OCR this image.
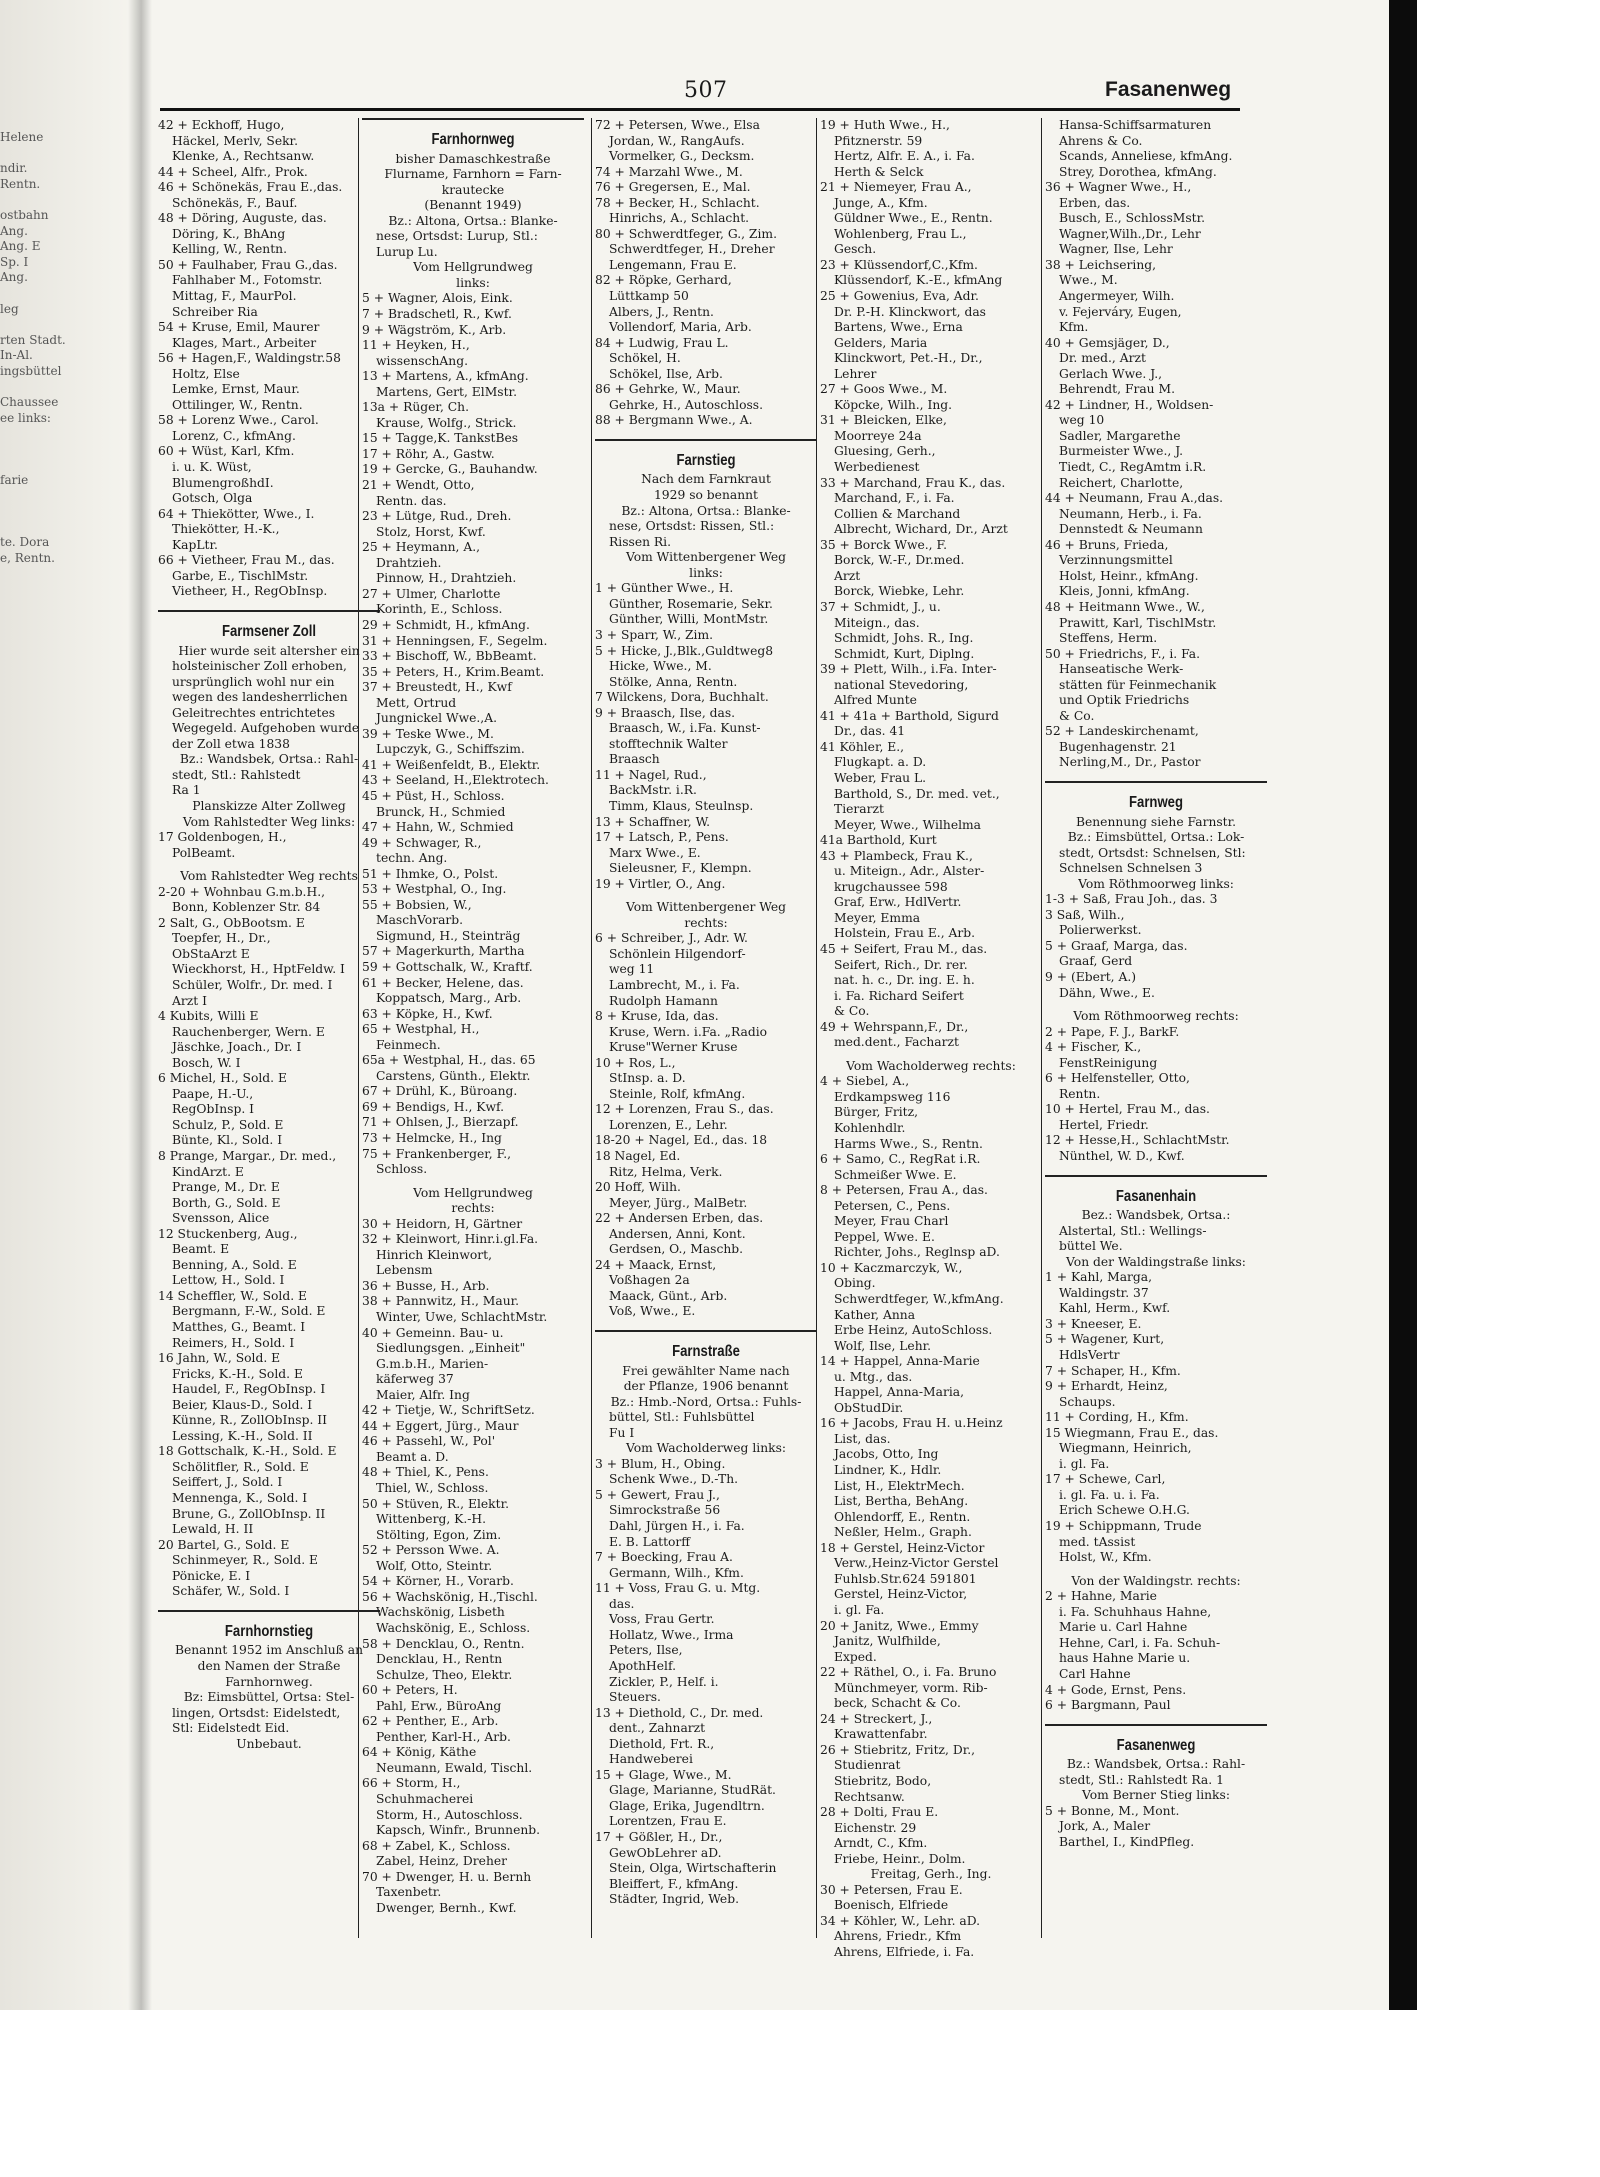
Helene
ndir.
Rentn.
ostbahn
Ang.
Ang. E
Sp. I
Ang.
leg
rten Stadt.
In-Al.
ingsbüttel
Chaussee
ee links:
farie
te. Dora
e, Rentn.
507	Fasanenweg
42 + Eckhoff, Hugo,
Häckel, Merlv, Sekr.
Klenke, A., Rechtsanw.
44 + Scheel, Alfr., Prok.
46 + Schönekäs, Frau E.,das.
Schönekäs, F., Bauf.
48 + Döring, Auguste, das.
Döring, K., BhAng
Kelling, W., Rentn.
50 + Faulhaber, Frau G.,das.
Fahlhaber M., Fotomstr.
Mittag, F., MaurPol.
Schreiber Ria
54 + Kruse, Emil, Maurer
Klages, Mart., Arbeiter
56 + Hagen,F., Waldingstr.58
Holtz, Else
Lemke, Ernst, Maur.
Ottilinger, W., Rentn.
58 + Lorenz Wwe., Carol.
Lorenz, C., kfmAng.
60 + Wüst, Karl, Kfm.
i. u. K. Wüst,
BlumengroßhdI.
Gotsch, Olga
64 + Thiekötter, Wwe., I.
Thiekötter, H.-K.,
KapLtr.
66 + Vietheer, Frau M., das.
Garbe, E., TischlMstr.
Vietheer, H., RegObInsp.
Farmsener Zoll
Hier wurde seit altersher ein
holsteinischer Zoll erhoben,
ursprünglich wohl nur ein
wegen des landesherrlichen
Geleitrechtes entrichtetes
Wegegeld. Aufgehoben wurde
der Zoll etwa 1838
Bz.: Wandsbek, Ortsa.: Rahl-
stedt, Stl.: Rahlstedt
Ra 1
Planskizze Alter Zollweg
Vom Rahlstedter Weg links:
17 Goldenbogen, H.,
PolBeamt.
Vom Rahlstedter Weg rechts
2-20 + Wohnbau G.m.b.H.,
Bonn, Koblenzer Str. 84
2 Salt, G., ObBootsm. E
Toepfer, H., Dr.,
ObStaArzt E
Wieckhorst, H., HptFeldw. I
Schüler, Wolfr., Dr. med. I
Arzt I
4 Kubits, Willi E
Rauchenberger, Wern. E
Jäschke, Joach., Dr. I
Bosch, W. I
6 Michel, H., Sold. E
Paape, H.-U.,
RegObInsp. I
Schulz, P., Sold. E
Bünte, Kl., Sold. I
8 Prange, Margar., Dr. med.,
KindArzt. E
Prange, M., Dr. E
Borth, G., Sold. E
Svensson, Alice
12 Stuckenberg, Aug.,
Beamt. E
Benning, A., Sold. E
Lettow, H., Sold. I
14 Scheffler, W., Sold. E
Bergmann, F.-W., Sold. E
Matthes, G., Beamt. I
Reimers, H., Sold. I
16 Jahn, W., Sold. E
Fricks, K.-H., Sold. E
Haudel, F., RegObInsp. I
Beier, Klaus-D., Sold. I
Künne, R., ZollObInsp. II
Lessing, K.-H., Sold. II
18 Gottschalk, K.-H., Sold. E
Schölitfler, R., Sold. E
Seiffert, J., Sold. I
Mennenga, K., Sold. I
Brune, G., ZollObInsp. II
Lewald, H. II
20 Bartel, G., Sold. E
Schinmeyer, R., Sold. E
Pönicke, E. I
Schäfer, W., Sold. I
Farnhornstieg
Benannt 1952 im Anschluß an
den Namen der Straße
Farnhornweg.
Bz: Eimsbüttel, Ortsa: Stel-
lingen, Ortsdst: Eidelstedt,
Stl: Eidelstedt Eid.
Unbebaut.
Farnhornweg
bisher Damaschkestraße
Flurname, Farnhorn = Farn-
krautecke
(Benannt 1949)
Bz.: Altona, Ortsa.: Blanke-
nese, Ortsdst: Lurup, Stl.:
Lurup Lu.
Vom Hellgrundweg
links:
5 + Wagner, Alois, Eink.
7 + Bradschetl, R., Kwf.
9 + Wägström, K., Arb.
11 + Heyken, H.,
wissenschAng.
13 + Martens, A., kfmAng.
Martens, Gert, ElMstr.
13a + Rüger, Ch.
Krause, Wolfg., Strick.
15 + Tagge,K. TankstBes
17 + Röhr, A., Gastw.
19 + Gercke, G., Bauhandw.
21 + Wendt, Otto,
Rentn. das.
23 + Lütge, Rud., Dreh.
Stolz, Horst, Kwf.
25 + Heymann, A.,
Drahtzieh.
Pinnow, H., Drahtzieh.
27 + Ulmer, Charlotte
Korinth, E., Schloss.
29 + Schmidt, H., kfmAng.
31 + Henningsen, F., Segelm.
33 + Bischoff, W., BbBeamt.
35 + Peters, H., Krim.Beamt.
37 + Breustedt, H., Kwf
Mett, Ortrud
Jungnickel Wwe.,A.
39 + Teske Wwe., M.
Lupczyk, G., Schiffszim.
41 + Weißenfeldt, B., Elektr.
43 + Seeland, H.,Elektrotech.
45 + Püst, H., Schloss.
Brunck, H., Schmied
47 + Hahn, W., Schmied
49 + Schwager, R.,
techn. Ang.
51 + Ihmke, O., Polst.
53 + Westphal, O., Ing.
55 + Bobsien, W.,
MaschVorarb.
Sigmund, H., Steinträg
57 + Magerkurth, Martha
59 + Gottschalk, W., Kraftf.
61 + Becker, Helene, das.
Koppatsch, Marg., Arb.
63 + Köpke, H., Kwf.
65 + Westphal, H.,
Feinmech.
65a + Westphal, H., das. 65
Carstens, Günth., Elektr.
67 + Drühl, K., Büroang.
69 + Bendigs, H., Kwf.
71 + Ohlsen, J., Bierzapf.
73 + Helmcke, H., Ing
75 + Frankenberger, F.,
Schloss.
Vom Hellgrundweg
rechts:
30 + Heidorn, H, Gärtner
32 + Kleinwort, Hinr.i.gl.Fa.
Hinrich Kleinwort,
Lebensm
36 + Busse, H., Arb.
38 + Pannwitz, H., Maur.
Winter, Uwe, SchlachtMstr.
40 + Gemeinn. Bau- u.
Siedlungsgen. „Einheit"
G.m.b.H., Marien-
käferweg 37
Maier, Alfr. Ing
42 + Tietje, W., SchriftSetz.
44 + Eggert, Jürg., Maur
46 + Passehl, W., Pol'
Beamt a. D.
48 + Thiel, K., Pens.
Thiel, W., Schloss.
50 + Stüven, R., Elektr.
Wittenberg, K.-H.
Stölting, Egon, Zim.
52 + Persson Wwe. A.
Wolf, Otto, Steintr.
54 + Körner, H., Vorarb.
56 + Wachskönig, H.,Tischl.
Wachskönig, Lisbeth
Wachskönig, E., Schloss.
58 + Dencklau, O., Rentn.
Dencklau, H., Rentn
Schulze, Theo, Elektr.
60 + Peters, H.
Pahl, Erw., BüroAng
62 + Penther, E., Arb.
Penther, Karl-H., Arb.
64 + König, Käthe
Neumann, Ewald, Tischl.
66 + Storm, H.,
Schuhmacherei
Storm, H., Autoschloss.
Kapsch, Winfr., Brunnenb.
68 + Zabel, K., Schloss.
Zabel, Heinz, Dreher
70 + Dwenger, H. u. Bernh
Taxenbetr.
Dwenger, Bernh., Kwf.
72 + Petersen, Wwe., Elsa
Jordan, W., RangAufs.
Vormelker, G., Decksm.
74 + Marzahl Wwe., M.
76 + Gregersen, E., Mal.
78 + Becker, H., Schlacht.
Hinrichs, A., Schlacht.
80 + Schwerdtfeger, G., Zim.
Schwerdtfeger, H., Dreher
Lengemann, Frau E.
82 + Röpke, Gerhard,
Lüttkamp 50
Albers, J., Rentn.
Vollendorf, Maria, Arb.
84 + Ludwig, Frau L.
Schökel, H.
Schökel, Ilse, Arb.
86 + Gehrke, W., Maur.
Gehrke, H., Autoschloss.
88 + Bergmann Wwe., A.
Farnstieg
Nach dem Farnkraut
1929 so benannt
Bz.: Altona, Ortsa.: Blanke-
nese, Ortsdst: Rissen, Stl.:
Rissen Ri.
Vom Wittenbergener Weg
links:
1 + Günther Wwe., H.
Günther, Rosemarie, Sekr.
Günther, Willi, MontMstr.
3 + Sparr, W., Zim.
5 + Hicke, J.,Blk.,Guldtweg8
Hicke, Wwe., M.
Stölke, Anna, Rentn.
7 Wilckens, Dora, Buchhalt.
9 + Braasch, Ilse, das.
Braasch, W., i.Fa. Kunst-
stofftechnik Walter
Braasch
11 + Nagel, Rud.,
BackMstr. i.R.
Timm, Klaus, Steulnsp.
13 + Schaffner, W.
17 + Latsch, P., Pens.
Marx Wwe., E.
Sieleusner, F., Klempn.
19 + Virtler, O., Ang.
Vom Wittenbergener Weg
rechts:
6 + Schreiber, J., Adr. W.
Schönlein Hilgendorf-
weg 11
Lambrecht, M., i. Fa.
Rudolph Hamann
8 + Kruse, Ida, das.
Kruse, Wern. i.Fa. „Radio
Kruse"Werner Kruse
10 + Ros, L.,
StInsp. a. D.
Steinle, Rolf, kfmAng.
12 + Lorenzen, Frau S., das.
Lorenzen, E., Lehr.
18-20 + Nagel, Ed., das. 18
18 Nagel, Ed.
Ritz, Helma, Verk.
20 Hoff, Wilh.
Meyer, Jürg., MalBetr.
22 + Andersen Erben, das.
Andersen, Anni, Kont.
Gerdsen, O., Maschb.
24 + Maack, Ernst,
Voßhagen 2a
Maack, Günt., Arb.
Voß, Wwe., E.
Farnstraße
Frei gewählter Name nach
der Pflanze, 1906 benannt
Bz.: Hmb.-Nord, Ortsa.: Fuhls-
büttel, Stl.: Fuhlsbüttel
Fu I
Vom Wacholderweg links:
3 + Blum, H., Obing.
Schenk Wwe., D.-Th.
5 + Gewert, Frau J.,
Simrockstraße 56
Dahl, Jürgen H., i. Fa.
E. B. Lattorff
7 + Boecking, Frau A.
Germann, Wilh., Kfm.
11 + Voss, Frau G. u. Mtg.
das.
Voss, Frau Gertr.
Hollatz, Wwe., Irma
Peters, Ilse,
ApothHelf.
Zickler, P., Helf. i.
Steuers.
13 + Diethold, C., Dr. med.
dent., Zahnarzt
Diethold, Frt. R.,
Handweberei
15 + Glage, Wwe., M.
Glage, Marianne, StudRät.
Glage, Erika, Jugendltrn.
Lorentzen, Frau E.
17 + Gößler, H., Dr.,
GewObLehrer aD.
Stein, Olga, Wirtschafterin
Bleiffert, F., kfmAng.
Städter, Ingrid, Web.
19 + Huth Wwe., H.,
Pfitznerstr. 59
Hertz, Alfr. E. A., i. Fa.
Herth & Selck
21 + Niemeyer, Frau A.,
Junge, A., Kfm.
Güldner Wwe., E., Rentn.
Wohlenberg, Frau L.,
Gesch.
23 + Klüssendorf,C.,Kfm.
Klüssendorf, K.-E., kfmAng
25 + Gowenius, Eva, Adr.
Dr. P.-H. Klinckwort, das
Bartens, Wwe., Erna
Gelders, Maria
Klinckwort, Pet.-H., Dr.,
Lehrer
27 + Goos Wwe., M.
Köpcke, Wilh., Ing.
31 + Bleicken, Elke,
Moorreye 24a
Gluesing, Gerh.,
Werbedienest
33 + Marchand, Frau K., das.
Marchand, F., i. Fa.
Collien & Marchand
Albrecht, Wichard, Dr., Arzt
35 + Borck Wwe., F.
Borck, W.-F., Dr.med.
Arzt
Borck, Wiebke, Lehr.
37 + Schmidt, J., u.
Miteign., das.
Schmidt, Johs. R., Ing.
Schmidt, Kurt, Diplng.
39 + Plett, Wilh., i.Fa. Inter-
national Stevedoring,
Alfred Munte
41 + 41a + Barthold, Sigurd
Dr., das. 41
41 Köhler, E.,
Flugkapt. a. D.
Weber, Frau L.
Barthold, S., Dr. med. vet.,
Tierarzt
Meyer, Wwe., Wilhelma
41a Barthold, Kurt
43 + Plambeck, Frau K.,
u. Miteign., Adr., Alster-
krugchaussee 598
Graf, Erw., HdlVertr.
Meyer, Emma
Holstein, Frau E., Arb.
45 + Seifert, Frau M., das.
Seifert, Rich., Dr. rer.
nat. h. c., Dr. ing. E. h.
i. Fa. Richard Seifert
& Co.
49 + Wehrspann,F., Dr.,
med.dent., Facharzt
Vom Wacholderweg rechts:
4 + Siebel, A.,
Erdkampsweg 116
Bürger, Fritz,
Kohlenhdlr.
Harms Wwe., S., Rentn.
6 + Samo, C., RegRat i.R.
Schmeißer Wwe. E.
8 + Petersen, Frau A., das.
Petersen, C., Pens.
Meyer, Frau Charl
Peppel, Wwe. E.
Richter, Johs., Reglnsp aD.
10 + Kaczmarczyk, W.,
Obing.
Schwerdtfeger, W.,kfmAng.
Kather, Anna
Erbe Heinz, AutoSchloss.
Wolf, Ilse, Lehr.
14 + Happel, Anna-Marie
u. Mtg., das.
Happel, Anna-Maria,
ObStudDir.
16 + Jacobs, Frau H. u.Heinz
List, das.
Jacobs, Otto, Ing
Lindner, K., Hdlr.
List, H., ElektrMech.
List, Bertha, BehAng.
Ohlendorff, E., Rentn.
Neßler, Helm., Graph.
18 + Gerstel, Heinz-Victor
Verw.,Heinz-Victor Gerstel
Fuhlsb.Str.624 591801
Gerstel, Heinz-Victor,
i. gl. Fa.
20 + Janitz, Wwe., Emmy
Janitz, Wulfhilde,
Exped.
22 + Räthel, O., i. Fa. Bruno
Münchmeyer, vorm. Rib-
beck, Schacht & Co.
24 + Streckert, J.,
Krawattenfabr.
26 + Stiebritz, Fritz, Dr.,
Studienrat
Stiebritz, Bodo,
Rechtsanw.
28 + Dolti, Frau E.
Eichenstr. 29
Arndt, C., Kfm.
Friebe, Heinr., Dolm.
Freitag, Gerh., Ing.
30 + Petersen, Frau E.
Boenisch, Elfriede
34 + Köhler, W., Lehr. aD.
Ahrens, Friedr., Kfm
Ahrens, Elfriede, i. Fa.
Hansa-Schiffsarmaturen
Ahrens & Co.
Scands, Anneliese, kfmAng.
Strey, Dorothea, kfmAng.
36 + Wagner Wwe., H.,
Erben, das.
Busch, E., SchlossMstr.
Wagner,Wilh.,Dr., Lehr
Wagner, Ilse, Lehr
38 + Leichsering,
Wwe., M.
Angermeyer, Wilh.
v. Fejerváry, Eugen,
Kfm.
40 + Gemsjäger, D.,
Dr. med., Arzt
Gerlach Wwe. J.,
Behrendt, Frau M.
42 + Lindner, H., Woldsen-
weg 10
Sadler, Margarethe
Burmeister Wwe., J.
Tiedt, C., RegAmtm i.R.
Reichert, Charlotte,
44 + Neumann, Frau A.,das.
Neumann, Herb., i. Fa.
Dennstedt & Neumann
46 + Bruns, Frieda,
Verzinnungsmittel
Holst, Heinr., kfmAng.
Kleis, Jonni, kfmAng.
48 + Heitmann Wwe., W.,
Prawitt, Karl, TischlMstr.
Steffens, Herm.
50 + Friedrichs, F., i. Fa.
Hanseatische Werk-
stätten für Feinmechanik
und Optik Friedrichs
& Co.
52 + Landeskirchenamt,
Bugenhagenstr. 21
Nerling,M., Dr., Pastor
Farnweg
Benennung siehe Farnstr.
Bz.: Eimsbüttel, Ortsa.: Lok-
stedt, Ortsdst: Schnelsen, Stl:
Schnelsen Schnelsen 3
Vom Röthmoorweg links:
1-3 + Saß, Frau Joh., das. 3
3 Saß, Wilh.,
Polierwerkst.
5 + Graaf, Marga, das.
Graaf, Gerd
9 + (Ebert, A.)
Dähn, Wwe., E.
Vom Röthmoorweg rechts:
2 + Pape, F. J., BarkF.
4 + Fischer, K.,
FenstReinigung
6 + Helfensteller, Otto,
Rentn.
10 + Hertel, Frau M., das.
Hertel, Friedr.
12 + Hesse,H., SchlachtMstr.
Nünthel, W. D., Kwf.
Fasanenhain
Bez.: Wandsbek, Ortsa.:
Alstertal, Stl.: Wellings-
büttel We.
Von der Waldingstraße links:
1 + Kahl, Marga,
Waldingstr. 37
Kahl, Herm., Kwf.
3 + Kneeser, E.
5 + Wagener, Kurt,
HdlsVertr
7 + Schaper, H., Kfm.
9 + Erhardt, Heinz,
Schaups.
11 + Cording, H., Kfm.
15 Wiegmann, Frau E., das.
Wiegmann, Heinrich,
i. gl. Fa.
17 + Schewe, Carl,
i. gl. Fa. u. i. Fa.
Erich Schewe O.H.G.
19 + Schippmann, Trude
med. tAssist
Holst, W., Kfm.
Von der Waldingstr. rechts:
2 + Hahne, Marie
i. Fa. Schuhhaus Hahne,
Marie u. Carl Hahne
Hehne, Carl, i. Fa. Schuh-
haus Hahne Marie u.
Carl Hahne
4 + Gode, Ernst, Pens.
6 + Bargmann, Paul
Fasanenweg
Bz.: Wandsbek, Ortsa.: Rahl-
stedt, Stl.: Rahlstedt Ra. 1
Vom Berner Stieg links:
5 + Bonne, M., Mont.
Jork, A., Maler
Barthel, I., KindPfleg.
